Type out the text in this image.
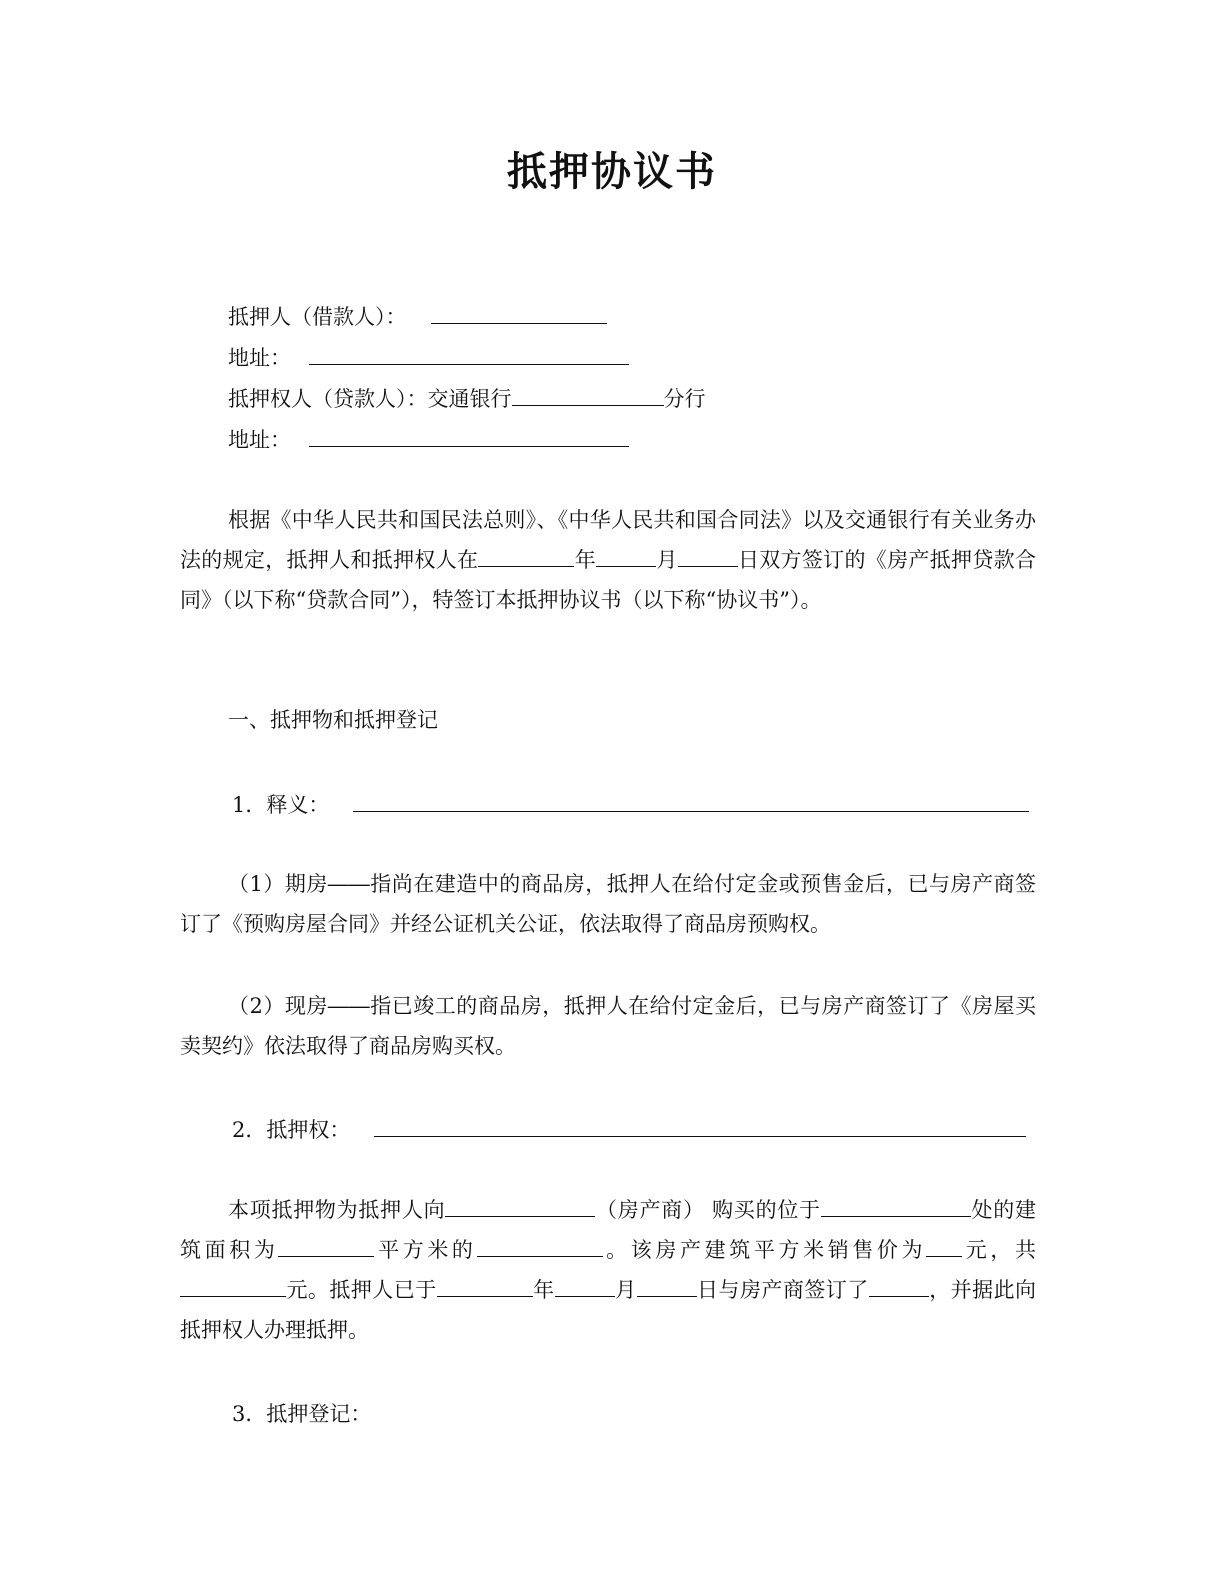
抵押协议书
抵押人（借款人）：
地址：
抵押权人（贷款人）：交通银行	分行
地址：
根据《中华人民共和国民法总则》、《中华人民共和国合同法》以及交通银行有关业务办法的规定，抵押人和抵押权人在	年	月	日双方签订的《房产抵押贷款合同》（以下称“贷款合同”），特签订本抵押协议书（以下称“协议书”）。
一、抵押物和抵押登记
1．释义：
（1）期房――指尚在建造中的商品房，抵押人在给付定金或预售金后，已与房产商签订了《预购房屋合同》并经公证机关公证，依法取得了商品房预购权。
（2）现房――指已竣工的商品房，抵押人在给付定金后，已与房产商签订了《房屋买卖契约》依法取得了商品房购买权。
2．抵押权：
本项抵押物为抵押人向	（房产商） 购买的位于	处的建筑面积为	平方米的	。该房产建筑平方米销售价为 元，共元。抵押人已于	年	月	日与房产商签订了	，并据此向抵押权人办理抵押。
3．抵押登记：
